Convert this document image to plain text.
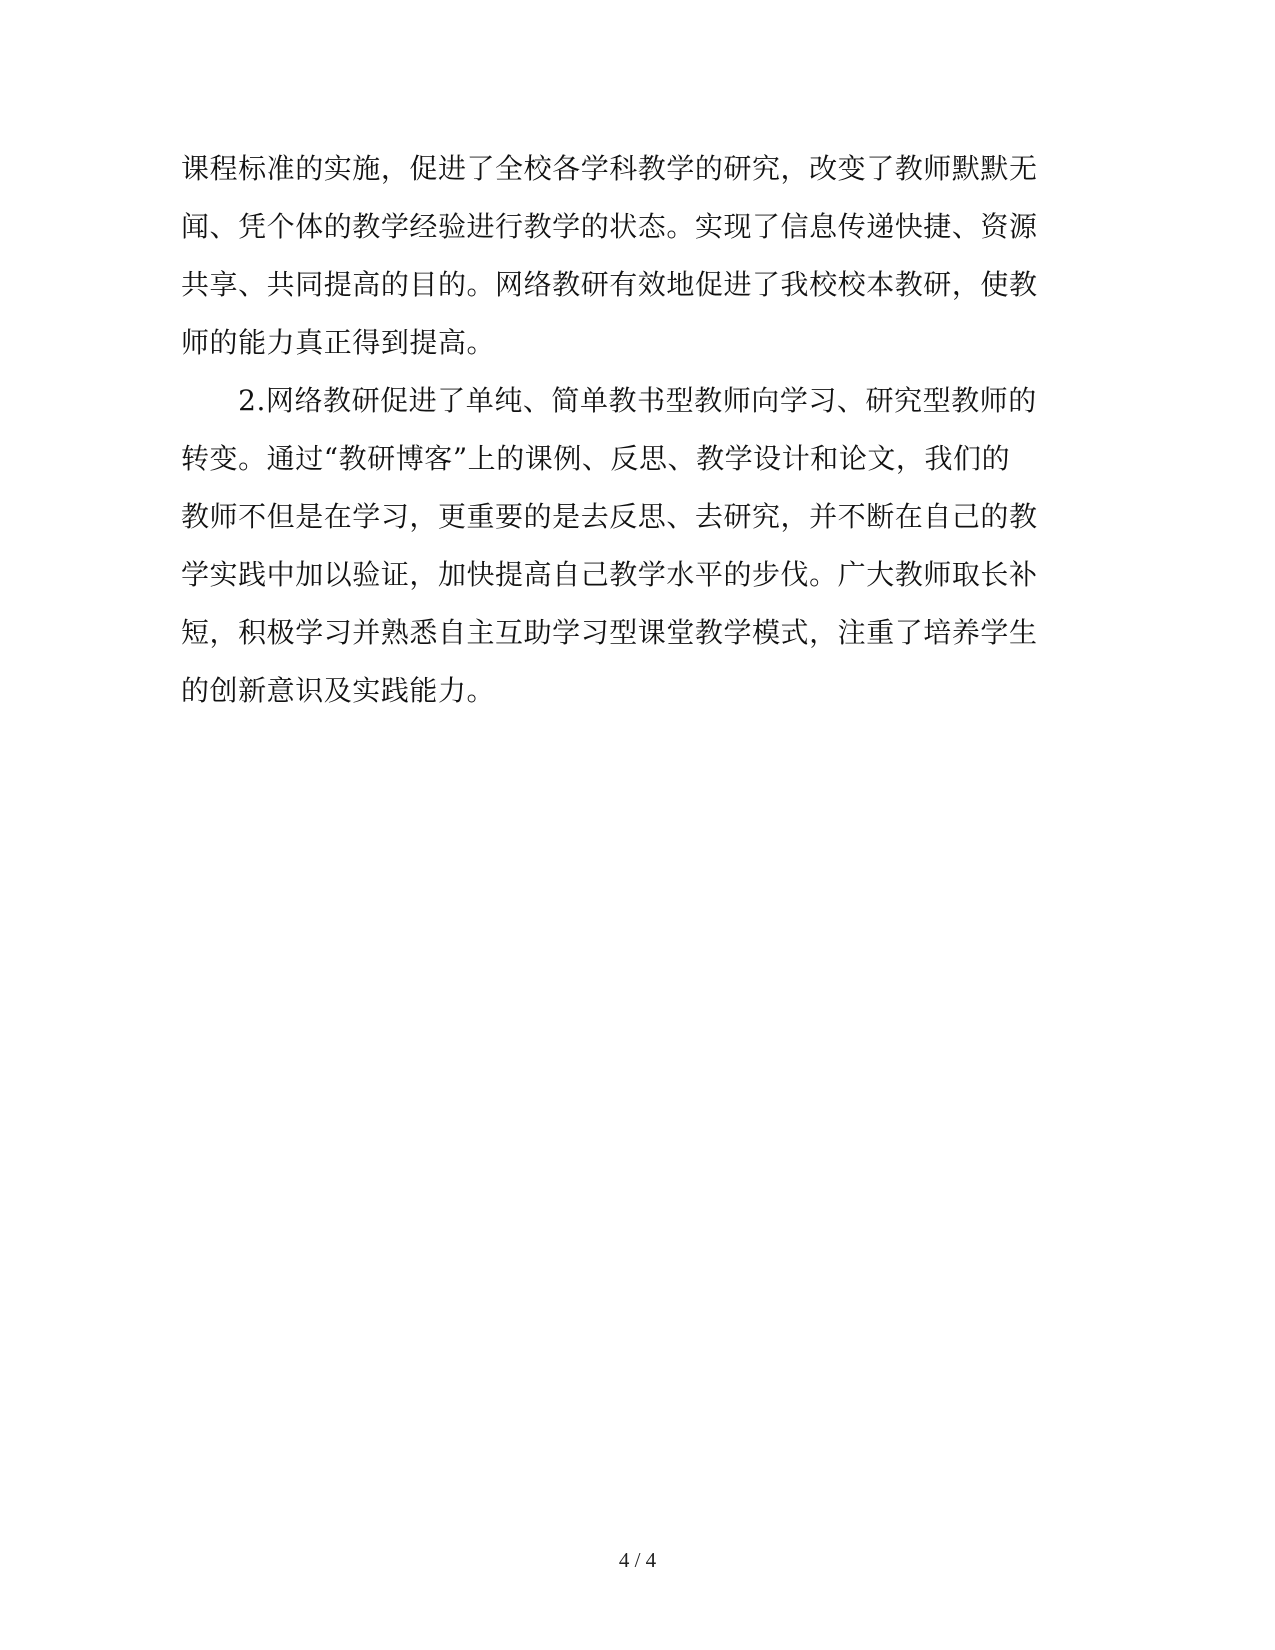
课程标准的实施，促进了全校各学科教学的研究，改变了教师默默无
闻、凭个体的教学经验进行教学的状态。实现了信息传递快捷、资源
共享、共同提高的目的。网络教研有效地促进了我校校本教研，使教
师的能力真正得到提高。
　　2.网络教研促进了单纯、简单教书型教师向学习、研究型教师的
转变。通过“教研博客”上的课例、反思、教学设计和论文，我们的
教师不但是在学习，更重要的是去反思、去研究，并不断在自己的教
学实践中加以验证，加快提高自己教学水平的步伐。广大教师取长补
短，积极学习并熟悉自主互助学习型课堂教学模式，注重了培养学生
的创新意识及实践能力。
4 / 4
